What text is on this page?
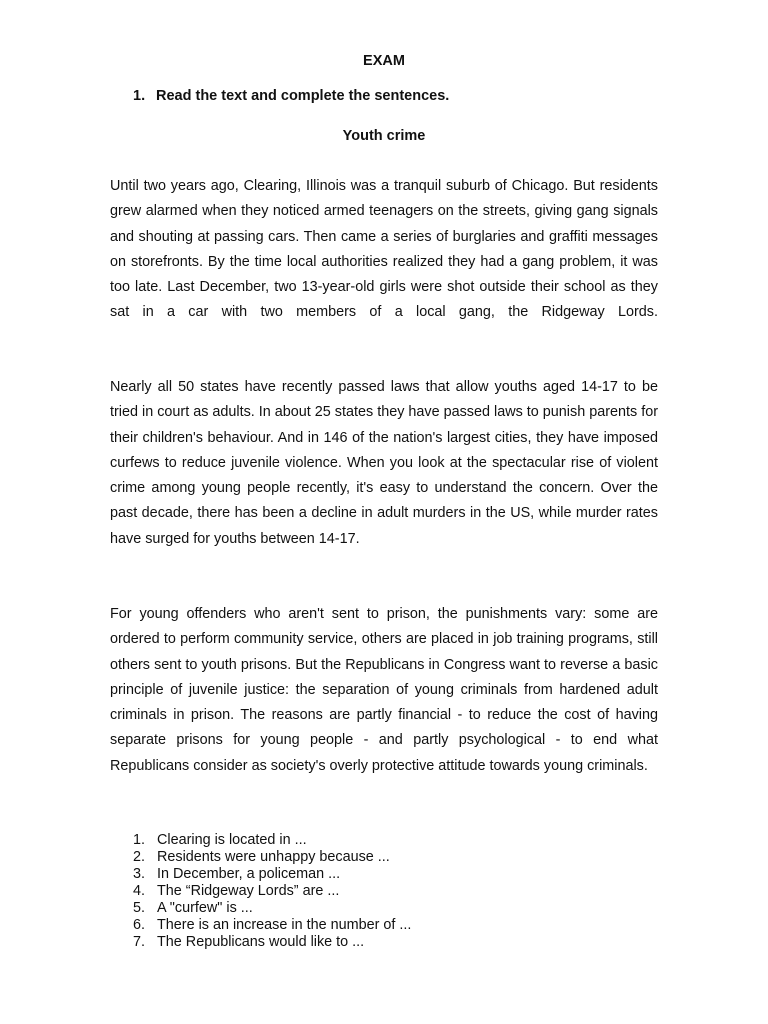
EXAM
1. Read the text and complete the sentences.
Youth crime

Until two years ago, Clearing, Illinois was a tranquil suburb of Chicago. But residents grew alarmed when they noticed armed teenagers on the streets, giving gang signals and shouting at passing cars. Then came a series of burglaries and graffiti messages on storefronts. By the time local authorities realized they had a gang problem, it was too late. Last December, two 13-year-old girls were shot outside their school as they sat in a car with two members of a local gang, the Ridgeway Lords.

Nearly all 50 states have recently passed laws that allow youths aged 14-17 to be tried in court as adults. In about 25 states they have passed laws to punish parents for their children's behaviour. And in 146 of the nation's largest cities, they have imposed curfews to reduce juvenile violence. When you look at the spectacular rise of violent crime among young people recently, it's easy to understand the concern. Over the past decade, there has been a decline in adult murders in the US, while murder rates have surged for youths between 14-17.

For young offenders who aren't sent to prison, the punishments vary: some are ordered to perform community service, others are placed in job training programs, still others sent to youth prisons. But the Republicans in Congress want to reverse a basic principle of juvenile justice: the separation of young criminals from hardened adult criminals in prison. The reasons are partly financial - to reduce the cost of having separate prisons for young people - and partly psychological - to end what Republicans consider as society's overly protective attitude towards young criminals.

1. Clearing is located in ...
2. Residents were unhappy because ...
3. In December, a policeman ...
4. The “Ridgeway Lords” are ...
5. A "curfew" is ...
6. There is an increase in the number of ...
7. The Republicans would like to ...
